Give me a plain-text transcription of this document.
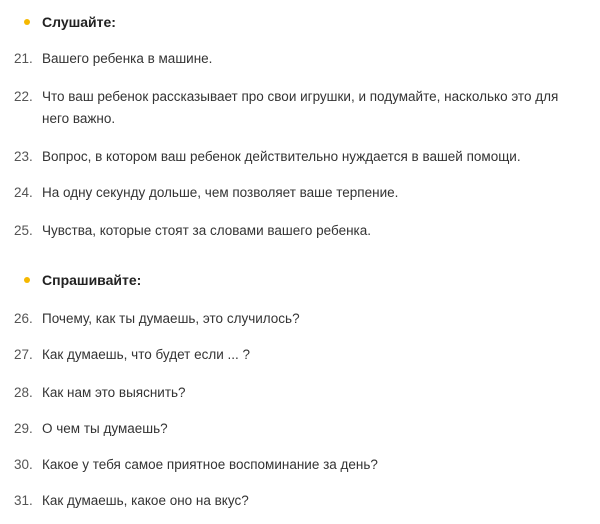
Слушайте:
21. Вашего ребенка в машине.
22. Что ваш ребенок рассказывает про свои игрушки, и подумайте, насколько это для него важно.
23. Вопрос, в котором ваш ребенок действительно нуждается в вашей помощи.
24. На одну секунду дольше, чем позволяет ваше терпение.
25. Чувства, которые стоят за словами вашего ребенка.
Спрашивайте:
26. Почему, как ты думаешь, это случилось?
27. Как думаешь, что будет если ... ?
28. Как нам это выяснить?
29. О чем ты думаешь?
30. Какое у тебя самое приятное воспоминание за день?
31. Как думаешь, какое оно на вкус?
